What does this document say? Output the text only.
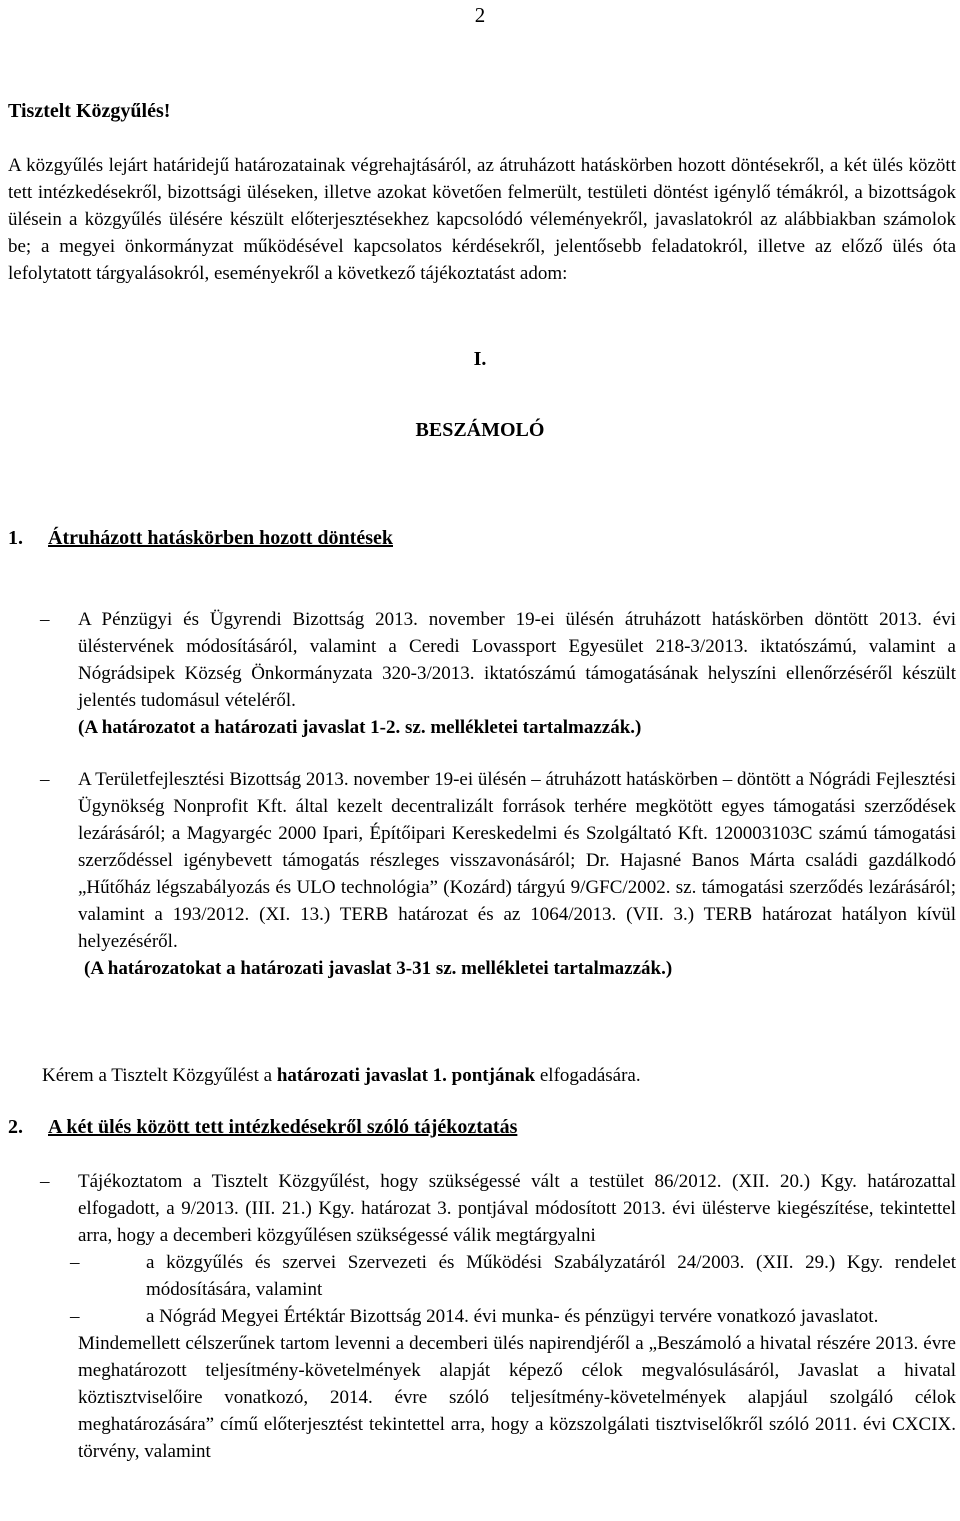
2
Tisztelt Közgyűlés!
A közgyűlés lejárt határidejű határozatainak végrehajtásáról, az átruházott hatáskörben hozott döntésekről, a két ülés között tett intézkedésekről, bizottsági üléseken, illetve azokat követően felmerült, testületi döntést igénylő témákról, a bizottságok ülésein a közgyűlés ülésére készült előterjesztésekhez kapcsolódó véleményekről, javaslatokról az alábbiakban számolok be; a megyei önkormányzat működésével kapcsolatos kérdésekről, jelentősebb feladatokról, illetve az előző ülés óta lefolytatott tárgyalásokról, eseményekről a következő tájékoztatást adom:
I.
BESZÁMOLÓ
1. Átruházott hatáskörben hozott döntések
–	A Pénzügyi és Ügyrendi Bizottság 2013. november 19-ei ülésén átruházott hatáskörben döntött 2013. évi üléstervének módosításáról, valamint a Ceredi Lovassport Egyesület 218-3/2013. iktatószámú, valamint a Nógrádsipek Község Önkormányzata 320-3/2013. iktatószámú támogatásának helyszíni ellenőrzéséről készült jelentés tudomásul vételéről.
(A határozatot a határozati javaslat 1-2. sz. mellékletei tartalmazzák.)
–	A Területfejlesztési Bizottság 2013. november 19-ei ülésén – átruházott hatáskörben – döntött a Nógrádi Fejlesztési Ügynökség Nonprofit Kft. által kezelt decentralizált források terhére megkötött egyes támogatási szerződések lezárásáról; a Magyargéc 2000 Ipari, Építőipari Kereskedelmi és Szolgáltató Kft. 120003103C számú támogatási szerződéssel igénybevett támogatás részleges visszavonásáról; Dr. Hajasné Banos Márta családi gazdálkodó „Hűtőház légszabályozás és ULO technológia” (Kozárd) tárgyú 9/GFC/2002. sz. támogatási szerződés lezárásáról; valamint a 193/2012. (XI. 13.) TERB határozat és az 1064/2013. (VII. 3.) TERB határozat hatályon kívül helyezéséről.
(A határozatokat a határozati javaslat 3-31 sz. mellékletei tartalmazzák.)
Kérem a Tisztelt Közgyűlést a határozati javaslat 1. pontjának elfogadására.
2. A két ülés között tett intézkedésekről szóló tájékoztatás
– Tájékoztatom a Tisztelt Közgyűlést, hogy szükségessé vált a testület 86/2012. (XII. 20.) Kgy. határozattal elfogadott, a 9/2013. (III. 21.) Kgy. határozat 3. pontjával módosított 2013. évi üléstervе kiegészítése, tekintettel arra, hogy a decemberi közgyűlésen szükségessé válik megtárgyalni
–	a közgyűlés és szervei Szervezeti és Működési Szabályzatáról 24/2003. (XII. 29.) Kgy. rendelet módosítására, valamint
–	a Nógrád Megyei Értéktár Bizottság 2014. évi munka- és pénzügyi tervére vonatkozó javaslatot.
Mindemellett célszerűnek tartom levenni a decemberi ülés napirendjéről a „Beszámoló a hivatal részére 2013. évre meghatározott teljesítmény-követelmények alapját képező célok megvalósulásáról, Javaslat a hivatal köztisztviselőire vonatkozó, 2014. évre szóló teljesítmény-követelmények alapjául szolgáló célok meghatározására” című előterjesztést tekintettel arra, hogy a közszolgálati tisztviselőkről szóló 2011. évi CXCIX. törvény, valamint
